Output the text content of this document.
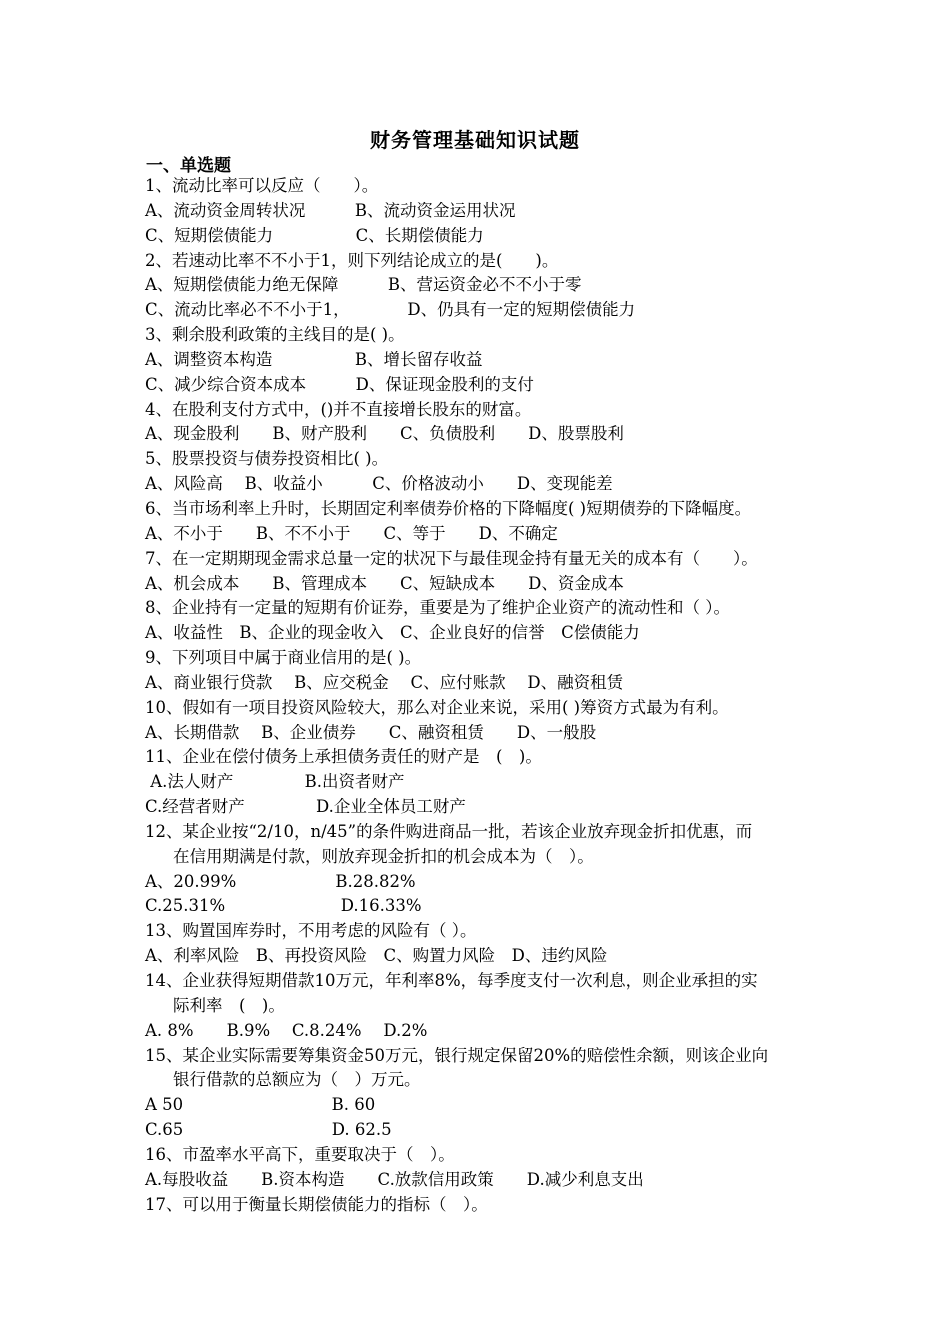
财务管理基础知识试题
一、单选题
1、流动比率可以反应（　　）。
A、流动资金周转状况　　　B、流动资金运用状况
C、短期偿债能力　　　　　C、长期偿债能力
2、若速动比率不不小于1，则下列结论成立的是(　　)。
A、短期偿债能力绝无保障　　　B、营运资金必不不小于零
C、流动比率必不不小于1，　　　　D、仍具有一定的短期偿债能力
3、剩余股利政策的主线目的是( )。
A、调整资本构造　　　　　B、增长留存收益
C、减少综合资本成本　　　D、保证现金股利的支付
4、在股利支付方式中，()并不直接增长股东的财富。
A、现金股利　　B、财产股利　　C、负债股利　　D、股票股利
5、股票投资与债券投资相比( )。
A、风险高　 B、收益小　　　C、价格波动小　　D、变现能差
6、当市场利率上升时，长期固定利率债券价格的下降幅度( )短期债券的下降幅度。
A、不小于　　B、不不小于　　C、等于　　D、不确定
7、在一定期期现金需求总量一定的状况下与最佳现金持有量无关的成本有（　　）。
A、机会成本　　B、管理成本　　C、短缺成本　　D、资金成本
8、企业持有一定量的短期有价证券，重要是为了维护企业资产的流动性和（ ）。
A、收益性　B、企业的现金收入　C、企业良好的信誉　C偿债能力
9、下列项目中属于商业信用的是( )。
A、商业银行贷款　 B、应交税金　 C、应付账款　 D、融资租赁
10、假如有一项目投资风险较大，那么对企业来说，采用( )筹资方式最为有利。
A、长期借款　 B、企业债券　　C、融资租赁　　D、一般股
11、企业在偿付债务上承担债务责任的财产是　(　)。
A.法人财产　　　　 B.出资者财产
C.经营者财产　　　　 D.企业全体员工财产
12、某企业按“2/10，n/45”的条件购进商品一批，若该企业放弃现金折扣优惠，而
在信用期满是付款，则放弃现金折扣的机会成本为（　）。
A、20.99%　　　　　　B.28.82%
C.25.31%　　　　　　　D.16.33%
13、购置国库券时，不用考虑的风险有（ ）。
A、利率风险　B、再投资风险　C、购置力风险　D、违约风险
14、企业获得短期借款10万元，年利率8%，每季度支付一次利息，则企业承担的实
际利率　(　)。
A. 8%　　B.9%　 C.8.24%　 D.2%
15、某企业实际需要筹集资金50万元，银行规定保留20%的赔偿性余额，则该企业向
银行借款的总额应为（　）万元。
A 50　　　　　　　　　B. 60
C.65　　　　　　　　　D. 62.5
16、市盈率水平高下，重要取决于（　）。
A.每股收益　　B.资本构造　　C.放款信用政策　　D.减少利息支出
17、可以用于衡量长期偿债能力的指标（　）。
